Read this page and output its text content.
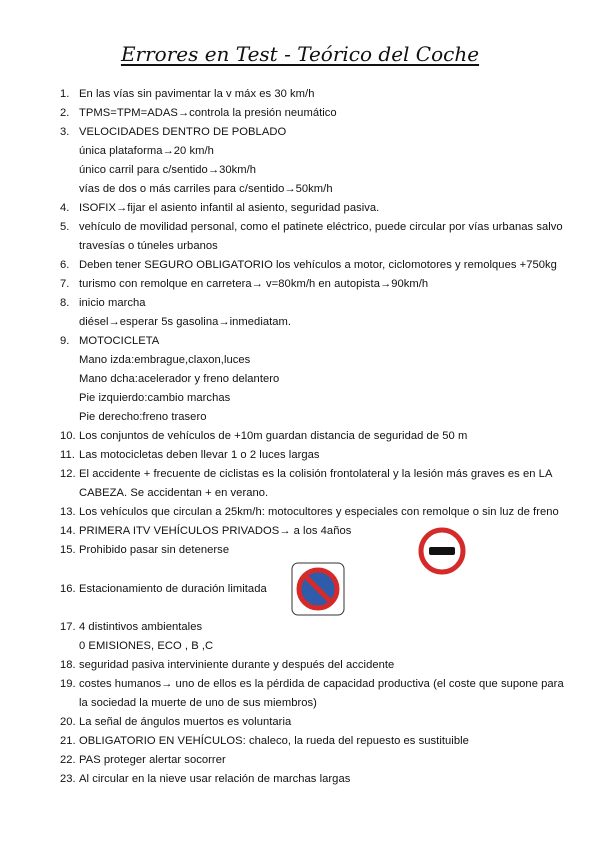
Errores en Test - Teórico del Coche
1. En las vías sin pavimentar la v máx es 30 km/h
2. TPMS=TPM=ADAS→controla la presión neumático
3. VELOCIDADES DENTRO DE POBLADO
única plataforma→20 km/h
único carril para c/sentido→30km/h
vías de dos o más carriles para c/sentido→50km/h
4. ISOFIX→fijar el asiento infantil al asiento, seguridad pasiva.
5. vehículo de movilidad personal, como el patinete eléctrico, puede circular por vías urbanas salvo
travesías o túneles urbanos
6. Deben tener SEGURO OBLIGATORIO los vehículos a motor, ciclomotores y remolques +750kg
7. turismo con remolque en carretera→ v=80km/h en autopista→90km/h
8. inicio marcha
diésel→esperar 5s gasolina→inmediatam.
9. MOTOCICLETA
Mano izda:embrague,claxon,luces
Mano dcha:acelerador y freno delantero
Pie izquierdo:cambio marchas
Pie derecho:freno trasero
10. Los conjuntos de vehículos de +10m guardan distancia de seguridad de 50 m
11. Las motocicletas deben llevar 1 o 2 luces largas
12. El accidente + frecuente de ciclistas es la colisión frontolateral y la lesión más graves es en LA
CABEZA. Se accidentan + en verano.
13. Los vehículos que circulan a 25km/h: motocultores y especiales con remolque o sin luz de freno
14. PRIMERA ITV VEHÍCULOS PRIVADOS→ a los 4años
15. Prohibido pasar sin detenerse
16. Estacionamiento de duración limitada
17. 4 distintivos ambientales
0 EMISIONES, ECO , B ,C
18. seguridad pasiva interviniente durante y después del accidente
19. costes humanos→ uno de ellos es la pérdida de capacidad productiva (el coste que supone para
la sociedad la muerte de uno de sus miembros)
20. La señal de ángulos muertos es voluntaria
21. OBLIGATORIO EN VEHÍCULOS: chaleco, la rueda del repuesto es sustituible
22. PAS proteger alertar socorrer
23. Al circular en la nieve usar relación de marchas largas
